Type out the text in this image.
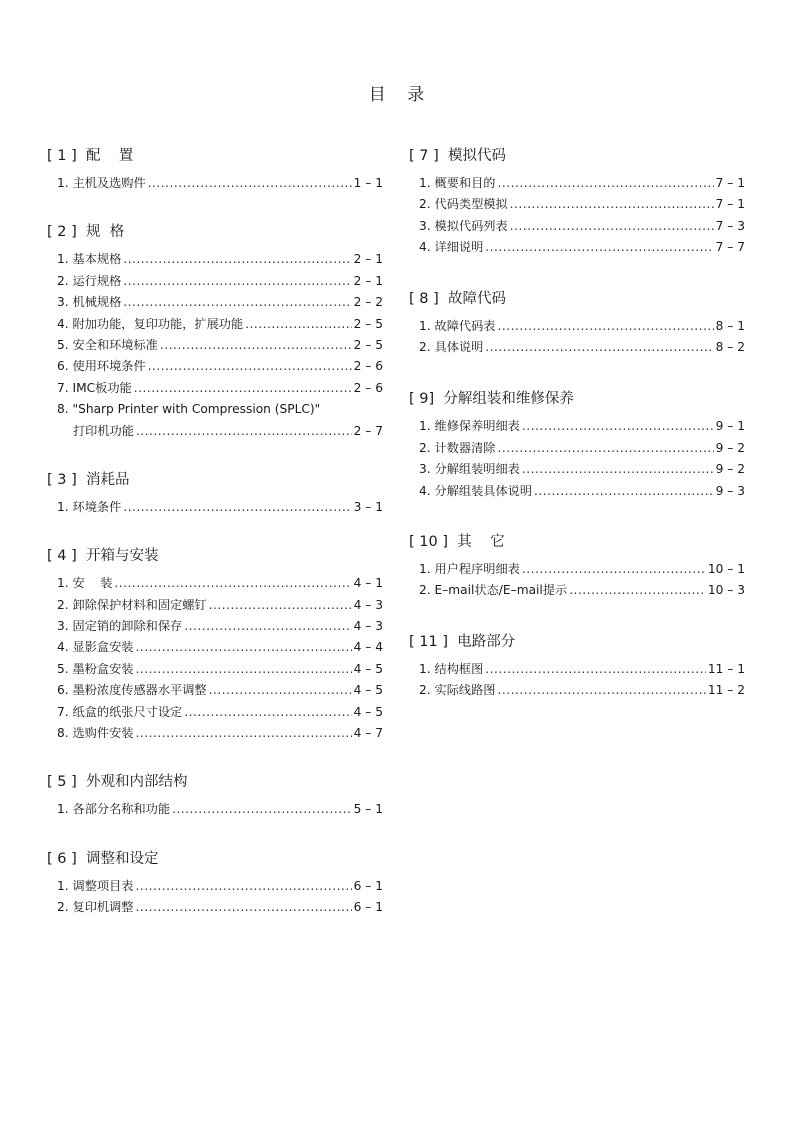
目    录
[ 1 ]  配    置
1. 主机及选购件 .....	1 – 1
[ 2 ]  规  格
1. 基本规格 .....	2 – 1
2. 运行规格 .....	2 – 1
3. 机械规格 .....	2 – 2
4. 附加功能，复印功能，扩展功能 .....	2 – 5
5. 安全和环境标准 .....	2 – 5
6. 使用环境条件 .....	2 – 6
7. IMC板功能 .....	2 – 6
8. "Sharp Printer with Compression (SPLC)"
打印机功能 .....	2 – 7
[ 3 ]  消耗品
1. 环境条件 .....	3 – 1
[ 4 ]  开箱与安装
1. 安    装 .....	4 – 1
2. 卸除保护材料和固定螺钉 .....	4 – 3
3. 固定销的卸除和保存 .....	4 – 3
4. 显影盒安装 .....	4 – 4
5. 墨粉盒安装 .....	4 – 5
6. 墨粉浓度传感器水平调整 .....	4 – 5
7. 纸盒的纸张尺寸设定 .....	4 – 5
8. 选购件安装 .....	4 – 7
[ 5 ]  外观和内部结构
1. 各部分名称和功能 .....	5 – 1
[ 6 ]  调整和设定
1. 调整项目表 .....	6 – 1
2. 复印机调整 .....	6 – 1
[ 7 ]  模拟代码
1. 概要和目的 .....	7 – 1
2. 代码类型模拟 .....	7 – 1
3. 模拟代码列表 .....	7 – 3
4. 详细说明 .....	7 – 7
[ 8 ]  故障代码
1. 故障代码表 .....	8 – 1
2. 具体说明 .....	8 – 2
[ 9]  分解组装和维修保养
1. 维修保养明细表 .....	9 – 1
2. 计数器清除 .....	9 – 2
3. 分解组装明细表 .....	9 – 2
4. 分解组装具体说明 .....	9 – 3
[ 10 ]  其    它
1. 用户程序明细表 .....	10 – 1
2. E–mail状态/E–mail提示 .....	10 – 3
[ 11 ]  电路部分
1. 结构框图 .....	11 – 1
2. 实际线路图 .....	11 – 2
